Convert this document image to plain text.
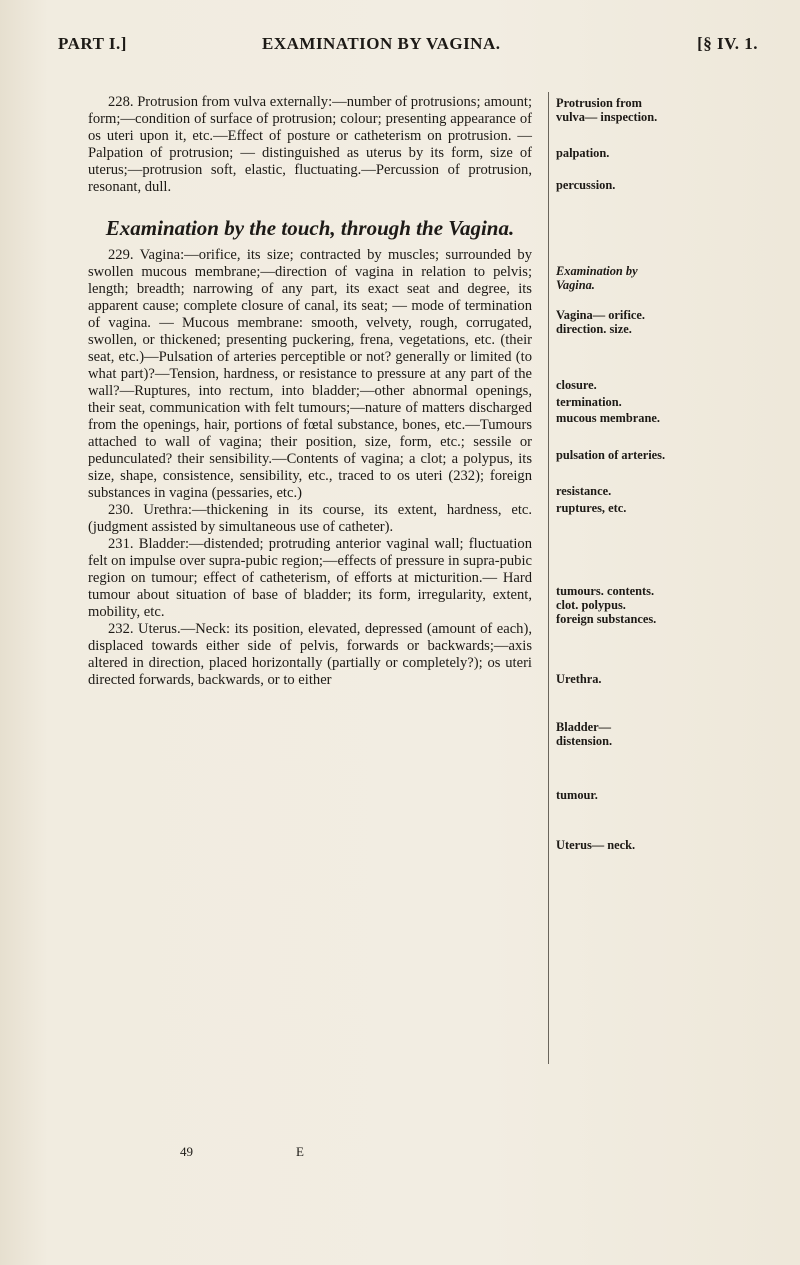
PART I.]	EXAMINATION BY VAGINA.	[§ IV. 1.

228. Protrusion from vulva externally:—number of protrusions; amount; form;—condition of surface of protrusion; colour; presenting appearance of os uteri upon it, etc.—Effect of posture or catheterism on protrusion. — Palpation of protrusion; — distinguished as uterus by its form, size of uterus;—protrusion soft, elastic, fluctuating.—Percussion of protrusion, resonant, dull.

Examination by the touch, through the Vagina.

229. Vagina:—orifice, its size; contracted by muscles; surrounded by swollen mucous membrane;—direction of vagina in relation to pelvis; length; breadth; narrowing of any part, its exact seat and degree, its apparent cause; complete closure of canal, its seat; — mode of termination of vagina. — Mucous membrane: smooth, velvety, rough, corrugated, swollen, or thickened; presenting puckering, frena, vegetations, etc. (their seat, etc.)—Pulsation of arteries perceptible or not? generally or limited (to what part)?—Tension, hardness, or resistance to pressure at any part of the wall?—Ruptures, into rectum, into bladder;—other abnormal openings, their seat, communication with felt tumours;—nature of matters discharged from the openings, hair, portions of fœtal substance, bones, etc.—Tumours attached to wall of vagina; their position, size, form, etc.; sessile or pedunculated? their sensibility.—Contents of vagina; a clot; a polypus, its size, shape, consistence, sensibility, etc., traced to os uteri (232); foreign substances in vagina (pessaries, etc.)

230. Urethra:—thickening in its course, its extent, hardness, etc. (judgment assisted by simultaneous use of catheter).

231. Bladder:—distended; protruding anterior vaginal wall; fluctuation felt on impulse over supra-pubic region;—effects of pressure in supra-pubic region on tumour; effect of catheterism, of efforts at micturition.— Hard tumour about situation of base of bladder; its form, irregularity, extent, mobility, etc.

232. Uterus.—Neck: its position, elevated, depressed (amount of each), displaced towards either side of pelvis, forwards or backwards;—axis altered in direction, placed horizontally (partially or completely?); os uteri directed forwards, backwards, or to either

49	E
Protrusion from vulva— inspection.
palpation.
percussion.
Examination by Vagina.
Vagina— orifice. direction. size.
closure.
termination.
mucous membrane.
pulsation of arteries.
resistance.
ruptures, etc.
tumours. contents. clot. polypus. foreign substances.
Urethra.
Bladder— distension.
tumour.
Uterus— neck.
